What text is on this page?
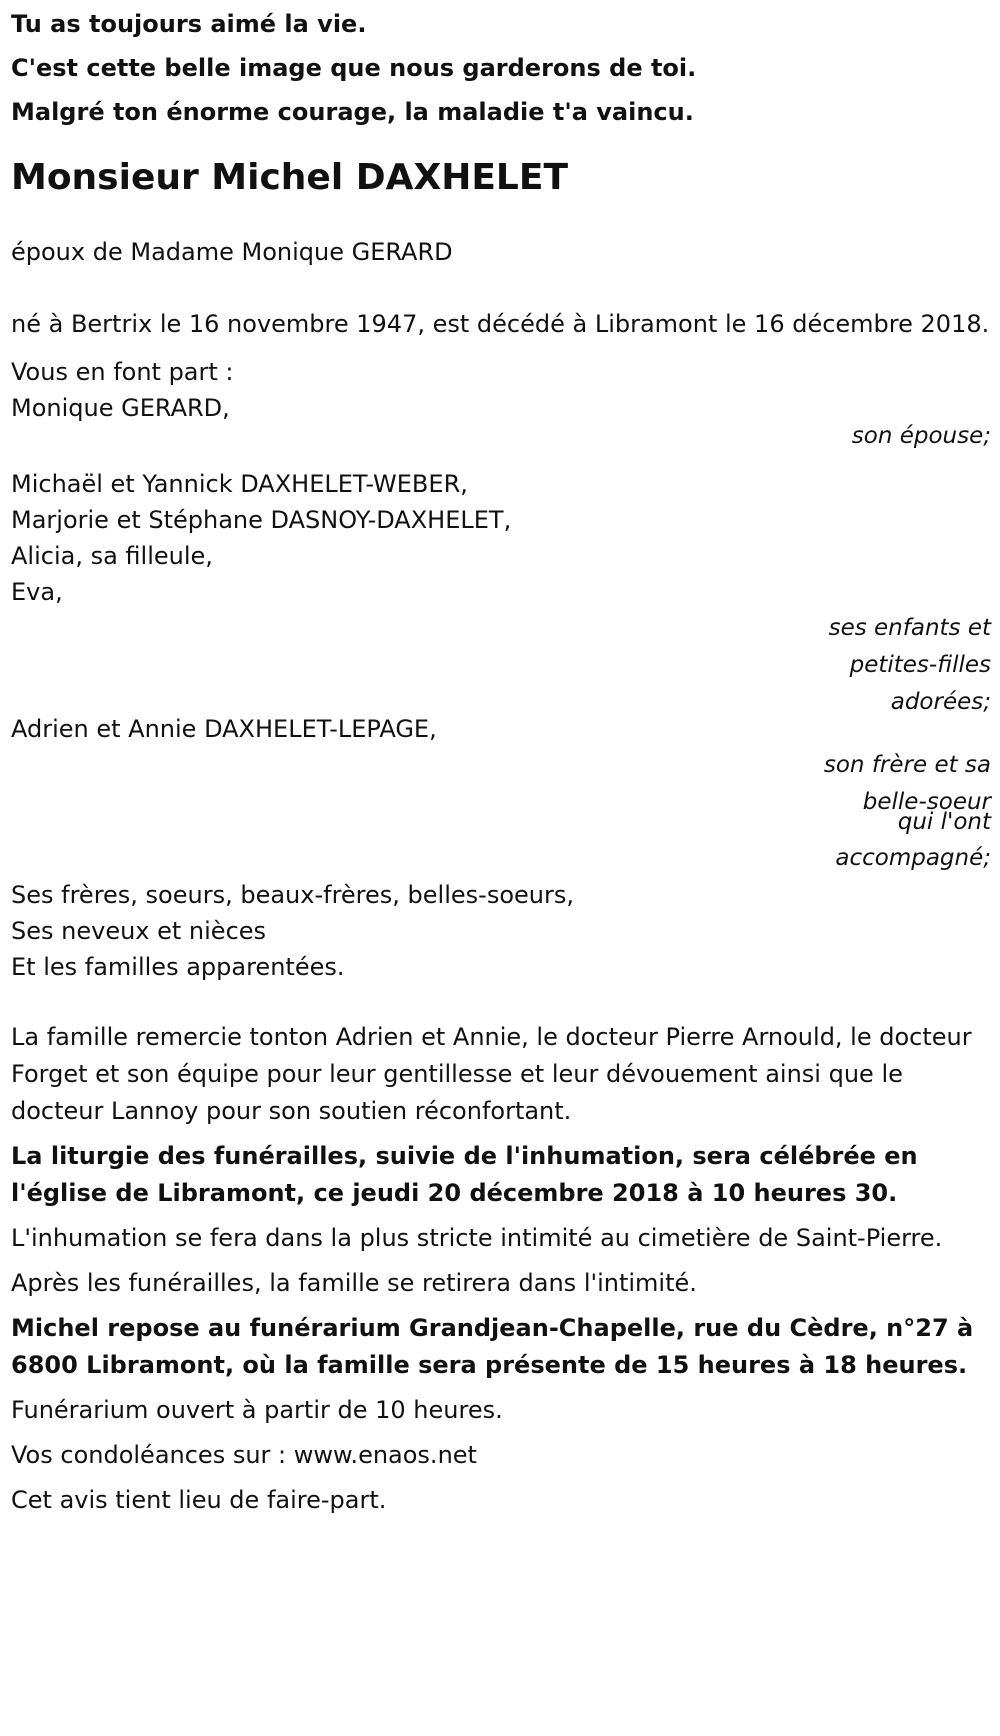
Tu as toujours aimé la vie.

C'est cette belle image que nous garderons de toi.

Malgré ton énorme courage, la maladie t'a vaincu.

Monsieur Michel DAXHELET

époux de Madame Monique GERARD

né à Bertrix le 16 novembre 1947, est décédé à Libramont le 16 décembre 2018.

Vous en font part :

Monique GERARD,

son épouse;

Michaël et Yannick DAXHELET-WEBER,

Marjorie et Stéphane DASNOY-DAXHELET,

Alicia, sa filleule,

Eva,

ses enfants et

petites-filles

adorées;

Adrien et Annie DAXHELET-LEPAGE,

son frère et sa

belle-soeur

qui l'ont

accompagné;

Ses frères, soeurs, beaux-frères, belles-soeurs,

Ses neveux et nièces

Et les familles apparentées.

La famille remercie tonton Adrien et Annie, le docteur Pierre Arnould, le docteur Forget et son équipe pour leur gentillesse et leur dévouement ainsi que le docteur Lannoy pour son soutien réconfortant.

La liturgie des funérailles, suivie de l'inhumation, sera célébrée en l'église de Libramont, ce jeudi 20 décembre 2018 à 10 heures 30.

L'inhumation se fera dans la plus stricte intimité au cimetière de Saint-Pierre.

Après les funérailles, la famille se retirera dans l'intimité.

Michel repose au funérarium Grandjean-Chapelle, rue du Cèdre, n°27 à 6800 Libramont, où la famille sera présente de 15 heures à 18 heures.

Funérarium ouvert à partir de 10 heures.

Vos condoléances sur : www.enaos.net

Cet avis tient lieu de faire-part.
